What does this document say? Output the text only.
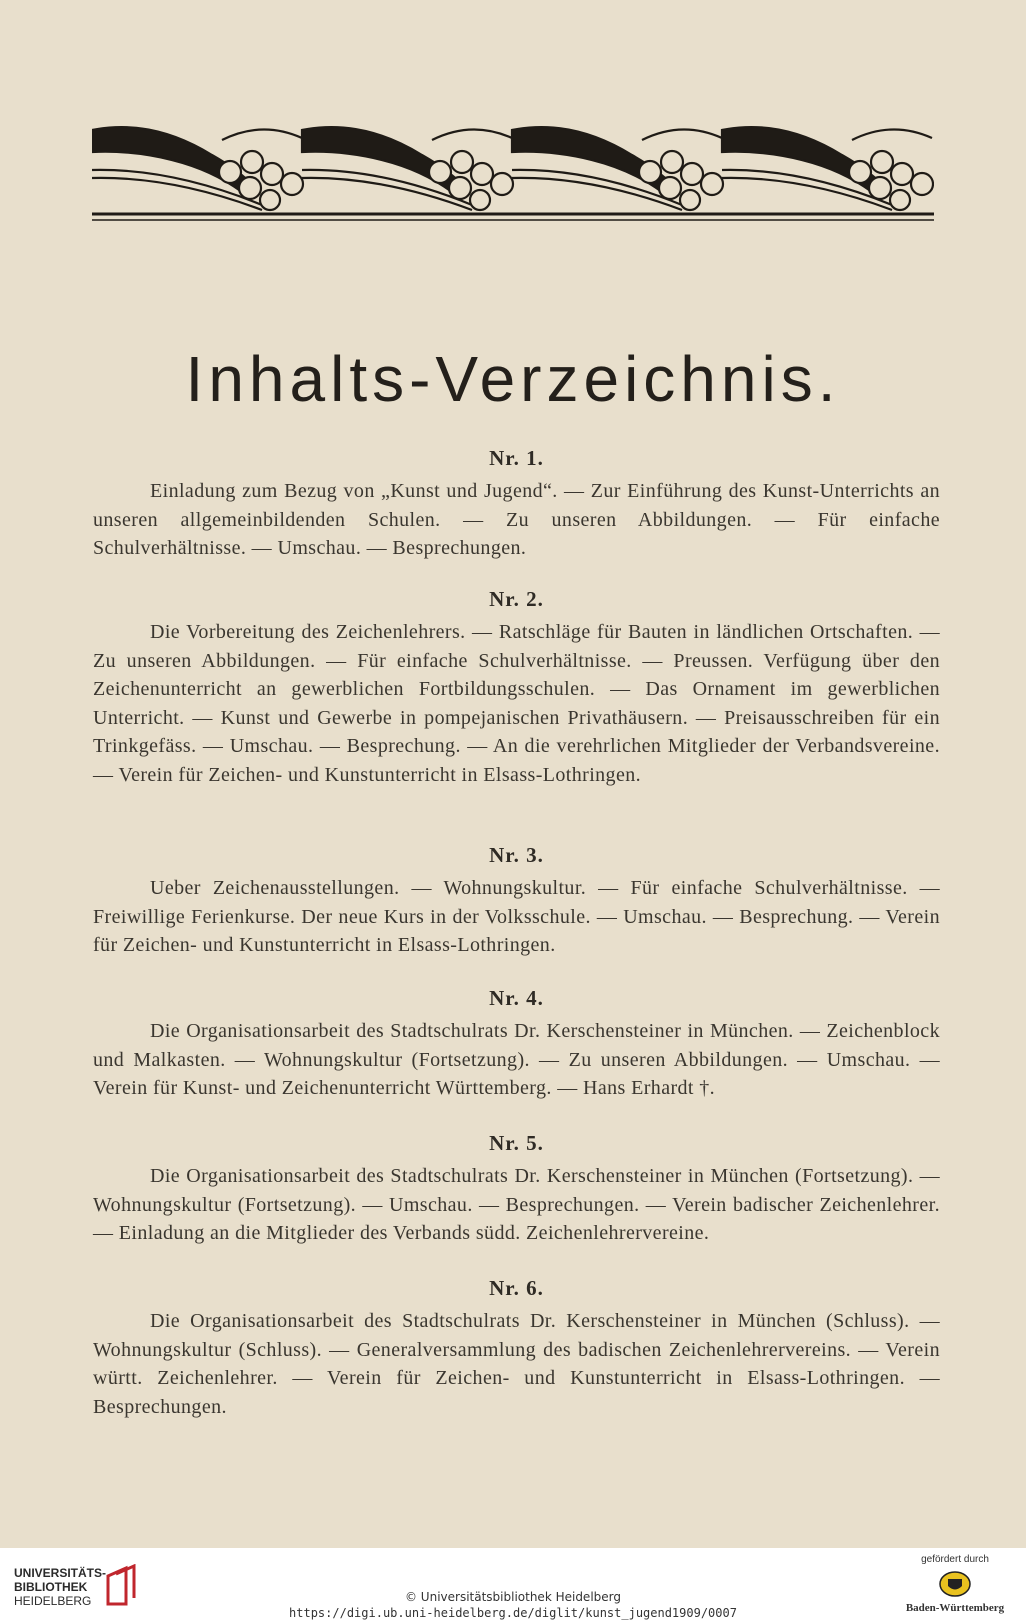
Inhalts-Verzeichnis.

Nr. 1.

Einladung zum Bezug von „Kunst und Jugend“. — Zur Einführung des Kunst-Unterrichts an unseren allgemeinbildenden Schulen. — Zu unseren Abbildungen. — Für einfache Schulverhältnisse. — Umschau. — Besprechungen.

Nr. 2.

Die Vorbereitung des Zeichenlehrers. — Ratschläge für Bauten in ländlichen Ortschaften. — Zu unseren Abbildungen. — Für einfache Schulverhältnisse. — Preussen. Verfügung über den Zeichenunterricht an gewerblichen Fortbildungsschulen. — Das Ornament im gewerblichen Unterricht. — Kunst und Gewerbe in pompejanischen Privathäusern. — Preisausschreiben für ein Trinkgefäss. — Umschau. — Besprechung. — An die verehrlichen Mitglieder der Verbandsvereine. — Verein für Zeichen- und Kunstunterricht in Elsass-Lothringen.

Nr. 3.

Ueber Zeichenausstellungen. — Wohnungskultur. — Für einfache Schulverhältnisse. — Freiwillige Ferienkurse. Der neue Kurs in der Volksschule. — Umschau. — Besprechung. — Verein für Zeichen- und Kunstunterricht in Elsass-Lothringen.

Nr. 4.

Die Organisationsarbeit des Stadtschulrats Dr. Kerschensteiner in München. — Zeichenblock und Malkasten. — Wohnungskultur (Fortsetzung). — Zu unseren Abbildungen. — Umschau. — Verein für Kunst- und Zeichenunterricht Württemberg. — Hans Erhardt †.

Nr. 5.

Die Organisationsarbeit des Stadtschulrats Dr. Kerschensteiner in München (Fortsetzung). — Wohnungskultur (Fortsetzung). — Umschau. — Besprechungen. — Verein badischer Zeichenlehrer. — Einladung an die Mitglieder des Verbands südd. Zeichenlehrervereine.

Nr. 6.

Die Organisationsarbeit des Stadtschulrats Dr. Kerschensteiner in München (Schluss). — Wohnungskultur (Schluss). — Generalversammlung des badischen Zeichenlehrervereins. — Verein württ. Zeichenlehrer. — Verein für Zeichen- und Kunstunterricht in Elsass-Lothringen. — Besprechungen.

UNIVERSITÄTS-
BIBLIOTHEK
HEIDELBERG	© Universitätsbibliothek Heidelberg
https://digi.ub.uni-heidelberg.de/diglit/kunst_jugend1909/0007
gefördert durch
Baden-Württemberg
